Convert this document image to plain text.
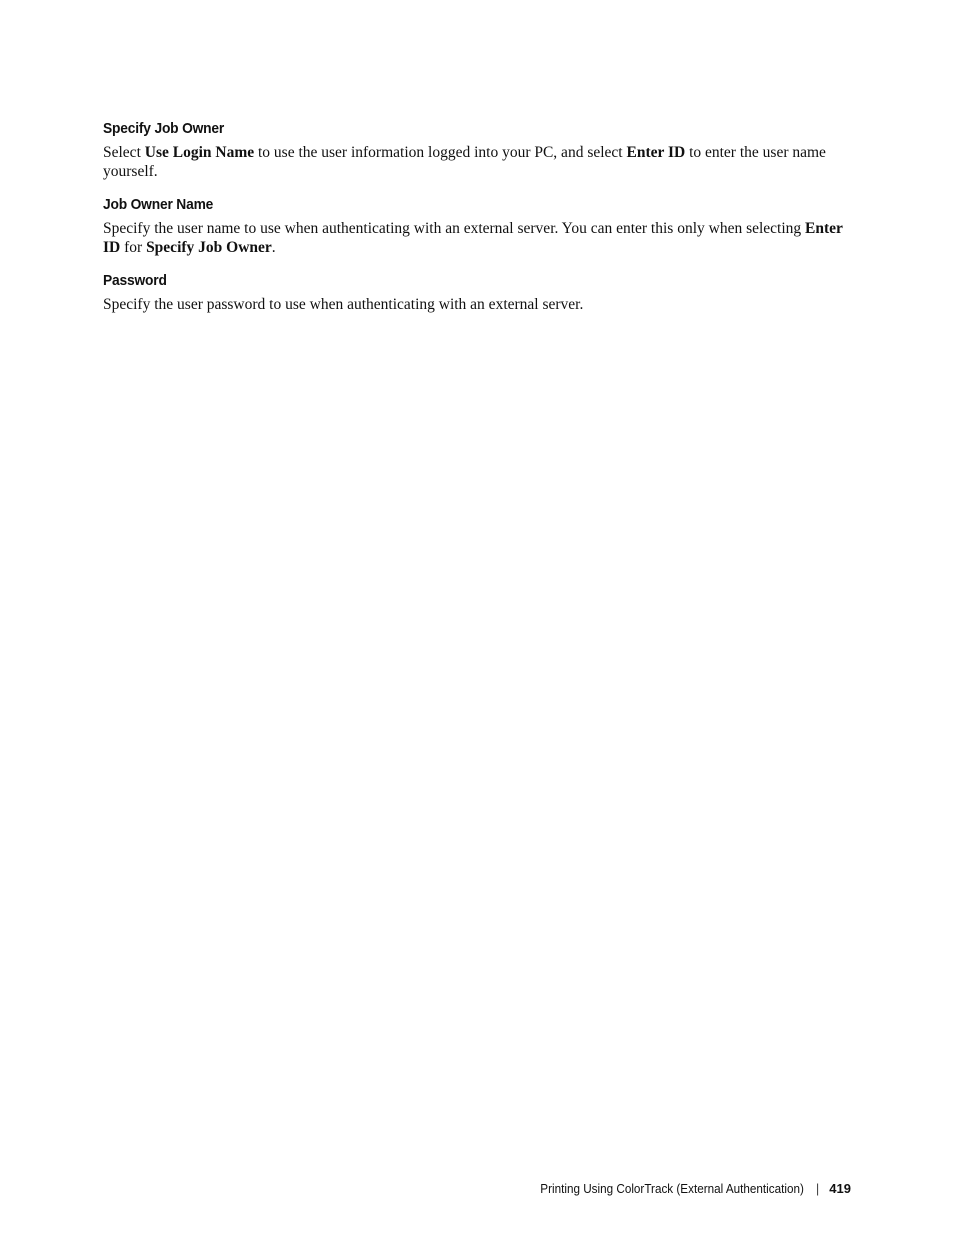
Specify Job Owner

Select Use Login Name to use the user information logged into your PC, and select Enter ID to enter the user name yourself.

Job Owner Name

Specify the user name to use when authenticating with an external server. You can enter this only when selecting Enter ID for Specify Job Owner.

Password

Specify the user password to use when authenticating with an external server.

Printing Using ColorTrack (External Authentication) | 419
